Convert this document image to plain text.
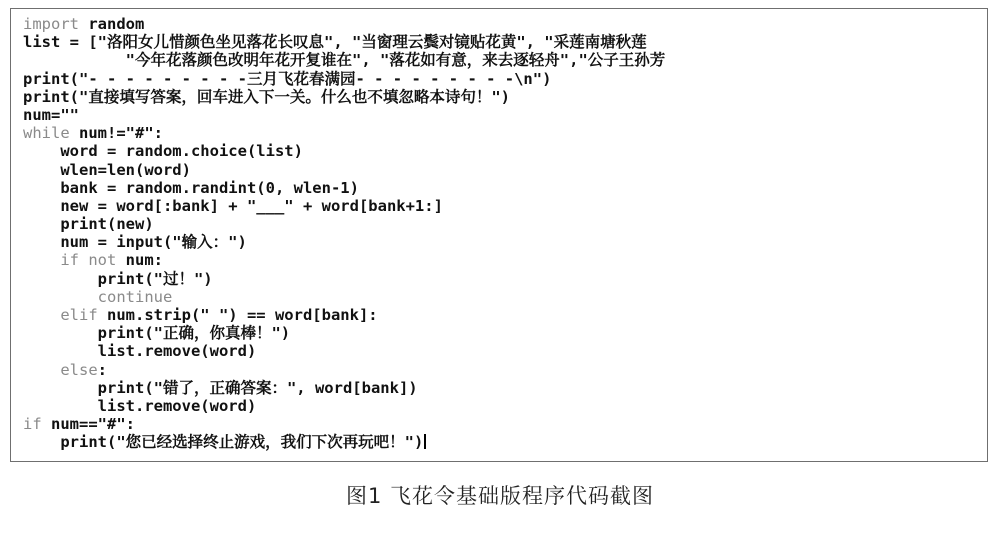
import random
list = ["洛阳女儿惜颜色坐见落花长叹息", "当窗理云鬓对镜贴花黄", "采莲南塘秋莲
"今年花落颜色改明年花开复谁在", "落花如有意，来去逐轻舟","公子王孙芳
print("- - - - - - - - -三月飞花春满园- - - - - - - - -\n")
print("直接填写答案，回车进入下一关。什么也不填忽略本诗句！")
num=""
while num!="#":
word = random.choice(list)
wlen=len(word)
bank = random.randint(0, wlen-1)
new = word[:bank] + "___" + word[bank+1:]
print(new)
num = input("输入：")
if not num:
print("过！")
continue
elif num.strip(" ") == word[bank]:
print("正确，你真棒！")
list.remove(word)
else:
print("错了，正确答案：", word[bank])
list.remove(word)
if num=="#":
print("您已经选择终止游戏，我们下次再玩吧！")
图1 飞花令基础版程序代码截图
